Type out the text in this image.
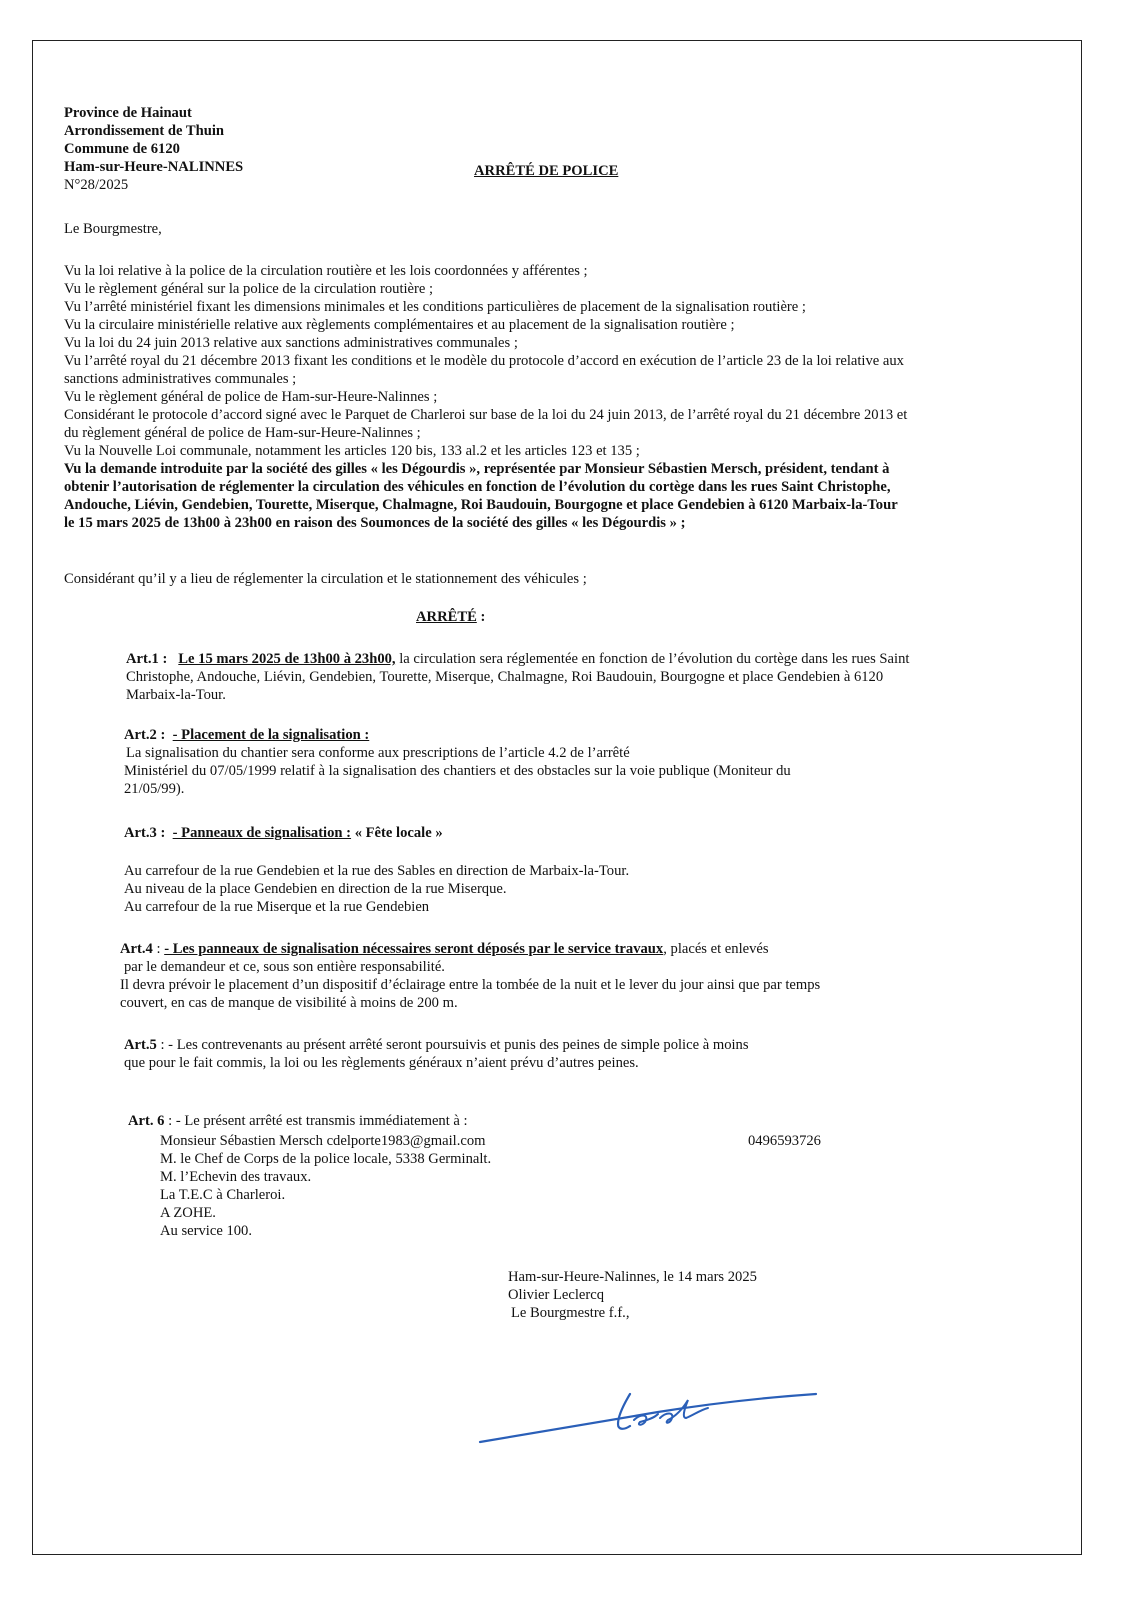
Province de Hainaut
Arrondissement de Thuin
Commune de 6120
Ham-sur-Heure-NALINNES
N°28/2025
ARRÊTÉ DE POLICE
Le Bourgmestre,
Vu la loi relative à la police de la circulation routière et les lois coordonnées y afférentes ;
Vu le règlement général sur la police de la circulation routière ;
Vu l’arrêté ministériel fixant les dimensions minimales et les conditions particulières de placement de la signalisation routière ;
Vu la circulaire ministérielle relative aux règlements complémentaires et au placement de la signalisation routière ;
Vu la loi du 24 juin 2013 relative aux sanctions administratives communales ;
Vu l’arrêté royal du 21 décembre 2013 fixant les conditions et le modèle du protocole d’accord en exécution de l’article 23 de la loi relative aux
sanctions administratives communales ;
Vu le règlement général de police de Ham-sur-Heure-Nalinnes ;
Considérant le protocole d’accord signé avec le Parquet de Charleroi sur base de la loi du 24 juin 2013, de l’arrêté royal du 21 décembre 2013 et
du règlement général de police de Ham-sur-Heure-Nalinnes ;
Vu la Nouvelle Loi communale, notamment les articles 120 bis, 133 al.2 et les articles 123 et 135 ;
Vu la demande introduite par la société des gilles « les Dégourdis », représentée par Monsieur Sébastien Mersch, président, tendant à
obtenir l’autorisation de réglementer la circulation des véhicules en fonction de l’évolution du cortège dans les rues Saint Christophe,
Andouche, Liévin, Gendebien, Tourette, Miserque, Chalmagne, Roi Baudouin, Bourgogne et place Gendebien à 6120 Marbaix-la-Tour
le 15 mars 2025 de 13h00 à 23h00 en raison des Soumonces de la société des gilles « les Dégourdis » ;
Considérant qu’il y a lieu de réglementer la circulation et le stationnement des véhicules ;
ARRÊTÉ :
Art.1 : Le 15 mars 2025 de 13h00 à 23h00, la circulation sera réglementée en fonction de l’évolution du cortège dans les rues Saint
Christophe, Andouche, Liévin, Gendebien, Tourette, Miserque, Chalmagne, Roi Baudouin, Bourgogne et place Gendebien à 6120
Marbaix-la-Tour.
Art.2 : - Placement de la signalisation :
La signalisation du chantier sera conforme aux prescriptions de l’article 4.2 de l’arrêté
Ministériel du 07/05/1999 relatif à la signalisation des chantiers et des obstacles sur la voie publique (Moniteur du
21/05/99).
Art.3 : - Panneaux de signalisation : « Fête locale »
Au carrefour de la rue Gendebien et la rue des Sables en direction de Marbaix-la-Tour.
Au niveau de la place Gendebien en direction de la rue Miserque.
Au carrefour de la rue Miserque et la rue Gendebien
Art.4 : - Les panneaux de signalisation nécessaires seront déposés par le service travaux, placés et enlevés
par le demandeur et ce, sous son entière responsabilité.
Il devra prévoir le placement d’un dispositif d’éclairage entre la tombée de la nuit et le lever du jour ainsi que par temps
couvert, en cas de manque de visibilité à moins de 200 m.
Art.5 : - Les contrevenants au présent arrêté seront poursuivis et punis des peines de simple police à moins
que pour le fait commis, la loi ou les règlements généraux n’aient prévu d’autres peines.
Art. 6 : - Le présent arrêté est transmis immédiatement à :
Monsieur Sébastien Mersch cdelporte1983@gmail.com
M. le Chef de Corps de la police locale, 5338 Germinalt.
M. l’Echevin des travaux.
La T.E.C à Charleroi.
A ZOHE.
Au service 100.
0496593726
Ham-sur-Heure-Nalinnes, le 14 mars 2025
Olivier Leclercq
Le Bourgmestre f.f.,
